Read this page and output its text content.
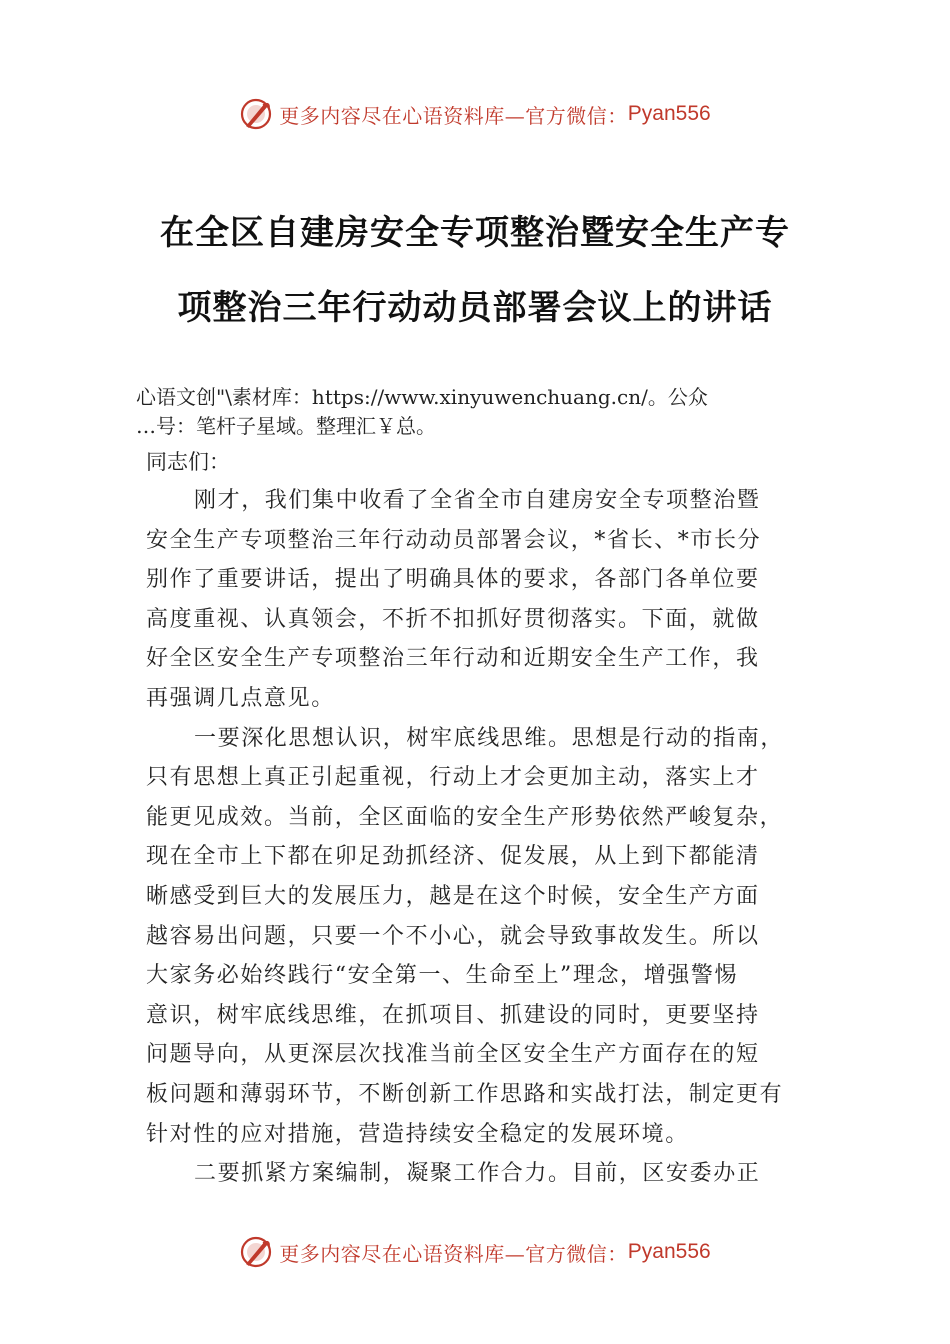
更多内容尽在心语资料库—官方微信： Pyan556
在全区自建房安全专项整治暨安全生产专
项整治三年行动动员部署会议上的讲话
心语文创"\素材库：https://www.xinyuwenchuang.cn/。公众
…号：笔杆子星域。整理汇￥总。
同志们：
刚才，我们集中收看了全省全市自建房安全专项整治暨
安全生产专项整治三年行动动员部署会议，*省长、*市长分
别作了重要讲话，提出了明确具体的要求，各部门各单位要
高度重视、认真领会，不折不扣抓好贯彻落实。下面，就做
好全区安全生产专项整治三年行动和近期安全生产工作，我
再强调几点意见。
一要深化思想认识，树牢底线思维。思想是行动的指南，
只有思想上真正引起重视，行动上才会更加主动，落实上才
能更见成效。当前，全区面临的安全生产形势依然严峻复杂，
现在全市上下都在卯足劲抓经济、促发展，从上到下都能清
晰感受到巨大的发展压力，越是在这个时候，安全生产方面
越容易出问题，只要一个不小心，就会导致事故发生。所以
大家务必始终践行“安全第一、生命至上”理念，增强警惕
意识，树牢底线思维，在抓项目、抓建设的同时，更要坚持
问题导向，从更深层次找准当前全区安全生产方面存在的短
板问题和薄弱环节，不断创新工作思路和实战打法，制定更有
针对性的应对措施，营造持续安全稳定的发展环境。
二要抓紧方案编制，凝聚工作合力。目前，区安委办正
更多内容尽在心语资料库—官方微信： Pyan556
